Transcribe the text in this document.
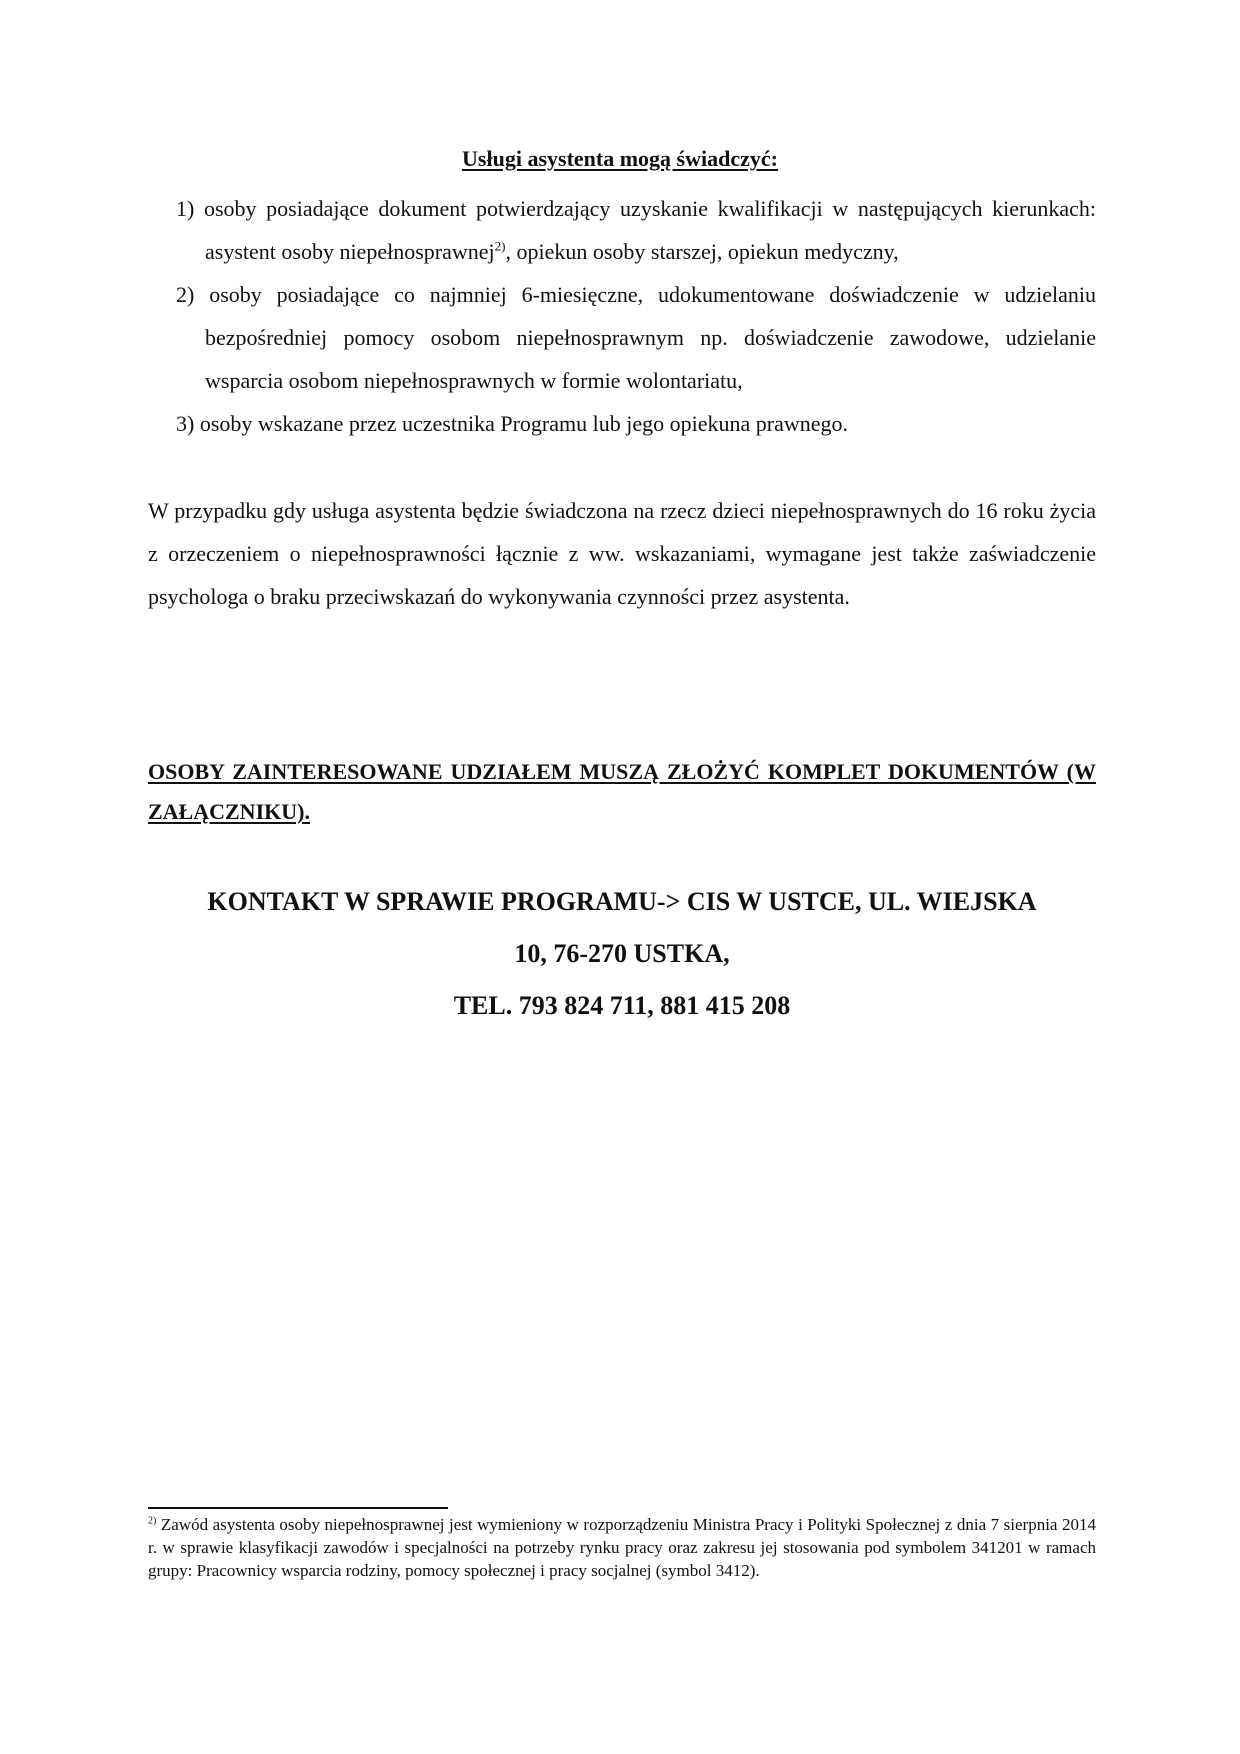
Usługi asystenta mogą świadczyć:
1) osoby posiadające dokument potwierdzający uzyskanie kwalifikacji w następujących kierunkach: asystent osoby niepełnosprawnej$^{2)}$, opiekun osoby starszej, opiekun medyczny,
2) osoby posiadające co najmniej 6-miesięczne, udokumentowane doświadczenie w udzielaniu bezpośredniej pomocy osobom niepełnosprawnym np. doświadczenie zawodowe, udzielanie wsparcia osobom niepełnosprawnych w formie wolontariatu,
3) osoby wskazane przez uczestnika Programu lub jego opiekuna prawnego.

W przypadku gdy usługa asystenta będzie świadczona na rzecz dzieci niepełnosprawnych do 16 roku życia z orzeczeniem o niepełnosprawności łącznie z ww. wskazaniami, wymagane jest także zaświadczenie psychologa o braku przeciwskazań do wykonywania czynności przez asystenta.

OSOBY ZAINTERESOWANE UDZIAŁEM MUSZĄ ZŁOŻYĆ KOMPLET DOKUMENTÓW (W ZAŁĄCZNIKU).

KONTAKT W SPRAWIE PROGRAMU-> CIS W USTCE, UL. WIEJSKA
10, 76-270 USTKA,
TEL. 793 824 711, 881 415 208

$^{2)}$ Zawód asystenta osoby niepełnosprawnej jest wymieniony w rozporządzeniu Ministra Pracy i Polityki Społecznej z dnia 7 sierpnia 2014 r. w sprawie klasyfikacji zawodów i specjalności na potrzeby rynku pracy oraz zakresu jej stosowania pod symbolem 341201 w ramach grupy: Pracownicy wsparcia rodziny, pomocy społecznej i pracy socjalnej (symbol 3412).
